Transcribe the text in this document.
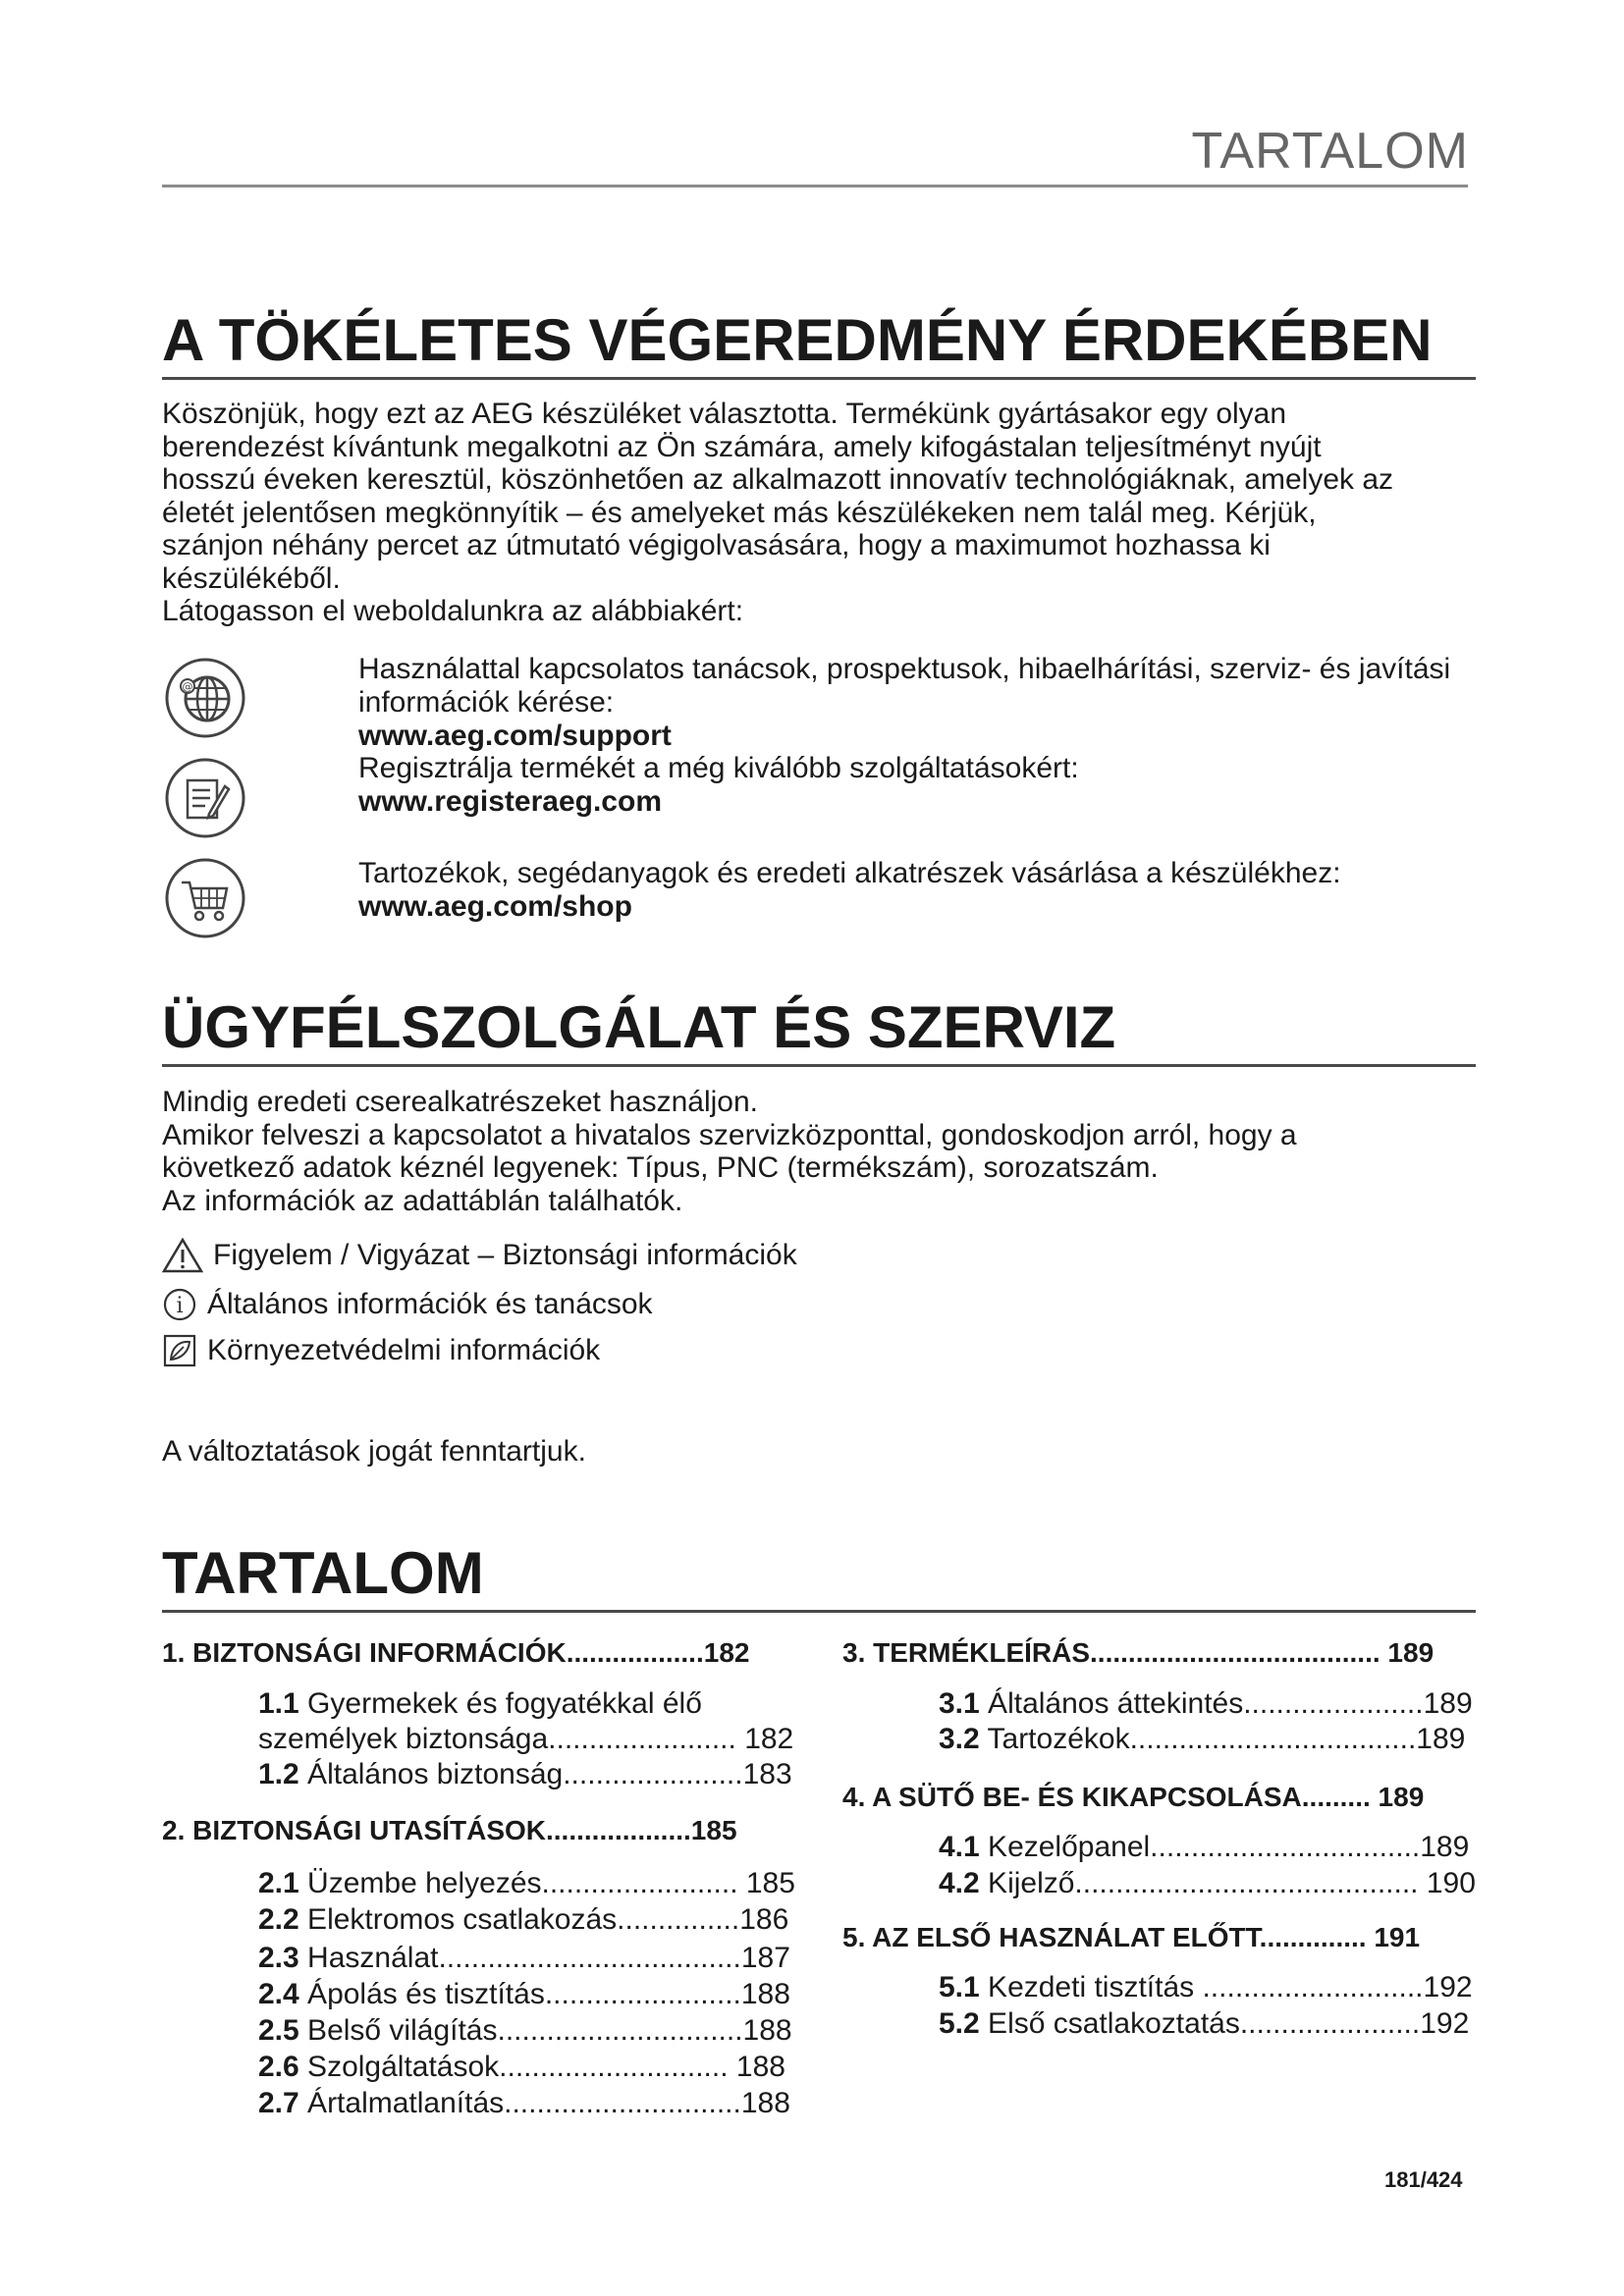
TARTALOM
A TÖKÉLETES VÉGEREDMÉNY ÉRDEKÉBEN

Köszönjük, hogy ezt az AEG készüléket választotta. Termékünk gyártásakor egy olyan

berendezést kívántunk megalkotni az Ön számára, amely kifogástalan teljesítményt nyújt

hosszú éveken keresztül, köszönhetően az alkalmazott innovatív technológiáknak, amelyek az

életét jelentősen megkönnyítik – és amelyeket más készülékeken nem talál meg. Kérjük,

szánjon néhány percet az útmutató végigolvasására, hogy a maximumot hozhassa ki

készülékéből.

Látogasson el weboldalunkra az alábbiakért:

@

Használattal kapcsolatos tanácsok, prospektusok, hibaelhárítási, szerviz- és javítási

információk kérése:

www.aeg.com/support

Regisztrálja termékét a még kiválóbb szolgáltatásokért:

www.registeraeg.com

Tartozékok, segédanyagok és eredeti alkatrészek vásárlása a készülékhez:

www.aeg.com/shop

ÜGYFÉLSZOLGÁLAT ÉS SZERVIZ

Mindig eredeti cserealkatrészeket használjon.

Amikor felveszi a kapcsolatot a hivatalos szervizközponttal, gondoskodjon arról, hogy a

következő adatok kéznél legyenek: Típus, PNC (termékszám), sorozatszám.

Az információk az adattáblán találhatók.

Figyelem / Vigyázat – Biztonsági információk
i Általános információk és tanácsok
Környezetvédelmi információk
A változtatások jogát fenntartjuk.
TARTALOM
1. BIZTONSÁGI INFORMÁCIÓK..................182
1.1 Gyermekek és fogyatékkal élő
személyek biztonsága....................... 182
1.2 Általános biztonság......................183
2. BIZTONSÁGI UTASÍTÁSOK...................185
2.1 Üzembe helyezés........................ 185
2.2 Elektromos csatlakozás...............186
2.3 Használat.....................................187
2.4 Ápolás és tisztítás........................188
2.5 Belső világítás..............................188
2.6 Szolgáltatások............................ 188
2.7 Ártalmatlanítás.............................188
3. TERMÉKLEÍRÁS...................................... 189
3.1 Általános áttekintés......................189
3.2 Tartozékok...................................189
4. A SÜTŐ BE- ÉS KIKAPCSOLÁSA......... 189
4.1 Kezelőpanel.................................189
4.2 Kijelző.......................................... 190
5. AZ ELSŐ HASZNÁLAT ELŐTT.............. 191
5.1 Kezdeti tisztítás ...........................192
5.2 Első csatlakoztatás......................192
181/424
